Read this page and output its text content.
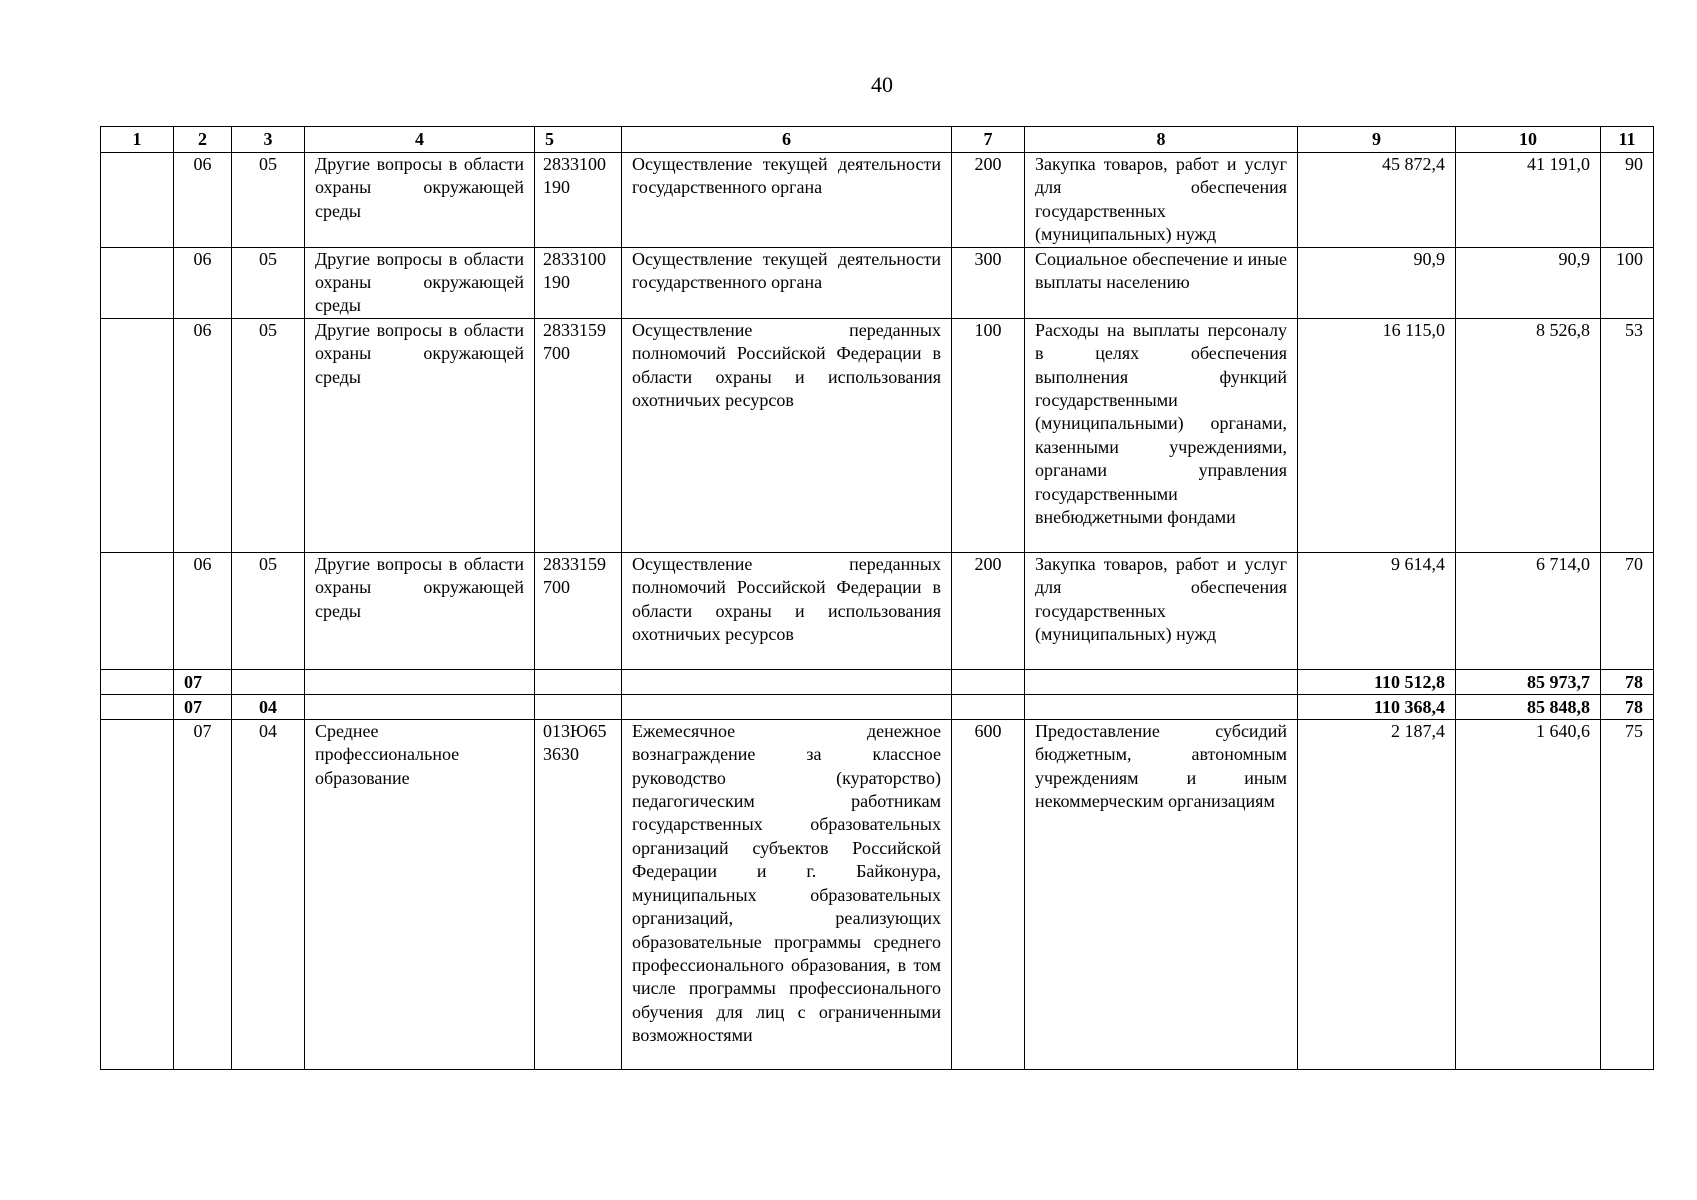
40
1	2	3	4	5	6	7	8	9	10	11
	06	05	Другие вопросы в области охраны окружающей среды	2833100190	Осуществление текущей деятельности государственного органа	200	Закупка товаров, работ и услуг для обеспечения государственных (муниципальных) нужд	45 872,4	41 191,0	90
	06	05	Другие вопросы в области охраны окружающей среды	2833100190	Осуществление текущей деятельности государственного органа	300	Социальное обеспечение и иные выплаты населению	90,9	90,9	100
	06	05	Другие вопросы в области охраны окружающей среды	2833159700	Осуществление переданных полномочий Российской Федерации в области охраны и использования охотничьих ресурсов	100	Расходы на выплаты персоналу в целях обеспечения выполнения функций государственными (муниципальными) органами, казенными учреждениями, органами управления государственными внебюджетными фондами	16 115,0	8 526,8	53
	06	05	Другие вопросы в области охраны окружающей среды	2833159700	Осуществление переданных полномочий Российской Федерации в области охраны и использования охотничьих ресурсов	200	Закупка товаров, работ и услуг для обеспечения государственных (муниципальных) нужд	9 614,4	6 714,0	70
	07							110 512,8	85 973,7	78
	07	04						110 368,4	85 848,8	78
	07	04	Среднее профессиональное образование	013Ю653630	Ежемесячное денежное вознаграждение за классное руководство (кураторство) педагогическим работникам государственных образовательных организаций субъектов Российской Федерации и г. Байконура, муниципальных образовательных организаций, реализующих образовательные программы среднего профессионального образования, в том числе программы профессионального обучения для лиц с ограниченными возможностями	600	Предоставление субсидий бюджетным, автономным учреждениям и иным некоммерческим организациям	2 187,4	1 640,6	75
